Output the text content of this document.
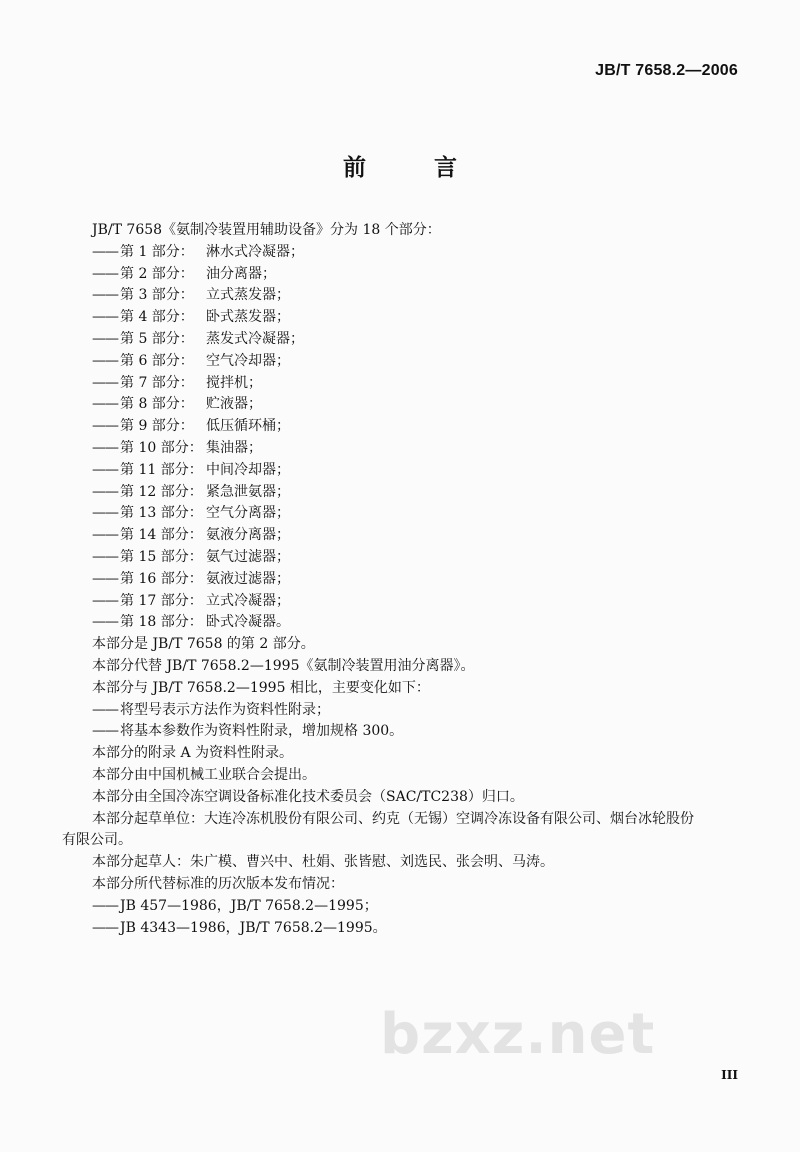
JB/T 7658.2—2006
前 言

JB/T 7658《氨制冷装置用辅助设备》分为 18 个部分：

—— 第 1 部分： 淋水式冷凝器；
—— 第 2 部分： 油分离器；
—— 第 3 部分： 立式蒸发器；
—— 第 4 部分： 卧式蒸发器；
—— 第 5 部分： 蒸发式冷凝器；
—— 第 6 部分： 空气冷却器；
—— 第 7 部分： 搅拌机；
—— 第 8 部分： 贮液器；
—— 第 9 部分： 低压循环桶；
—— 第 10 部分： 集油器；
—— 第 11 部分： 中间冷却器；
—— 第 12 部分： 紧急泄氨器；
—— 第 13 部分： 空气分离器；
—— 第 14 部分： 氨液分离器；
—— 第 15 部分： 氨气过滤器；
—— 第 16 部分： 氨液过滤器；
—— 第 17 部分： 立式冷凝器；
—— 第 18 部分： 卧式冷凝器。

本部分是 JB/T 7658 的第 2 部分。

本部分代替 JB/T 7658.2—1995《氨制冷装置用油分离器》。

本部分与 JB/T 7658.2—1995 相比，主要变化如下：

—— 将型号表示方法作为资料性附录；
—— 将基本参数作为资料性附录，增加规格 300。

本部分的附录 A 为资料性附录。

本部分由中国机械工业联合会提出。

本部分由全国冷冻空调设备标准化技术委员会（SAC/TC238）归口。

本部分起草单位：大连冷冻机股份有限公司、约克（无锡）空调冷冻设备有限公司、烟台冰轮股份

有限公司。

本部分起草人：朱广模、曹兴中、杜娟、张皆慰、刘选民、张会明、马涛。

本部分所代替标准的历次版本发布情况：

—— JB 457—1986，JB/T 7658.2—1995；
—— JB 4343—1986，JB/T 7658.2—1995。
bzxz.net
III
